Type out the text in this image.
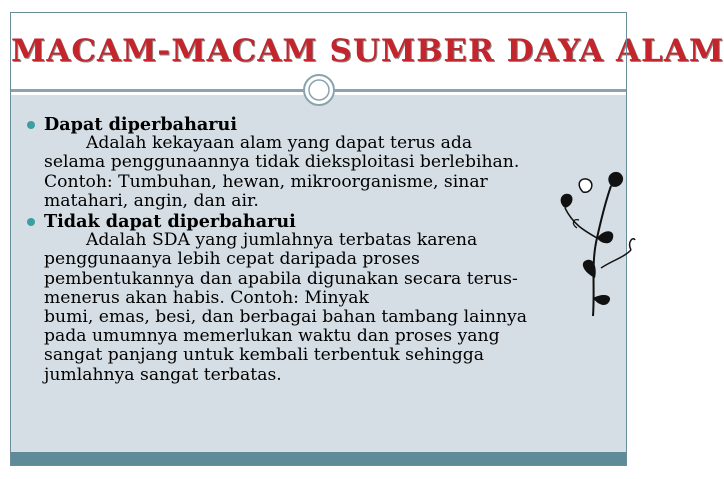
MACAM-MACAM SUMBER DAYA ALAM
Dapat diperbaharui
Adalah kekayaan alam yang dapat terus ada
selama penggunaannya tidak dieksploitasi berlebihan.
Contoh: Tumbuhan, hewan, mikroorganisme, sinar
matahari, angin, dan air.
Tidak dapat diperbaharui
Adalah SDA yang jumlahnya terbatas karena
penggunaanya lebih cepat daripada proses
pembentukannya dan apabila digunakan secara terus-
menerus akan habis. Contoh: Minyak
bumi, emas, besi, dan berbagai bahan tambang lainnya
pada umumnya memerlukan waktu dan proses yang
sangat panjang untuk kembali terbentuk sehingga
jumlahnya sangat terbatas.
